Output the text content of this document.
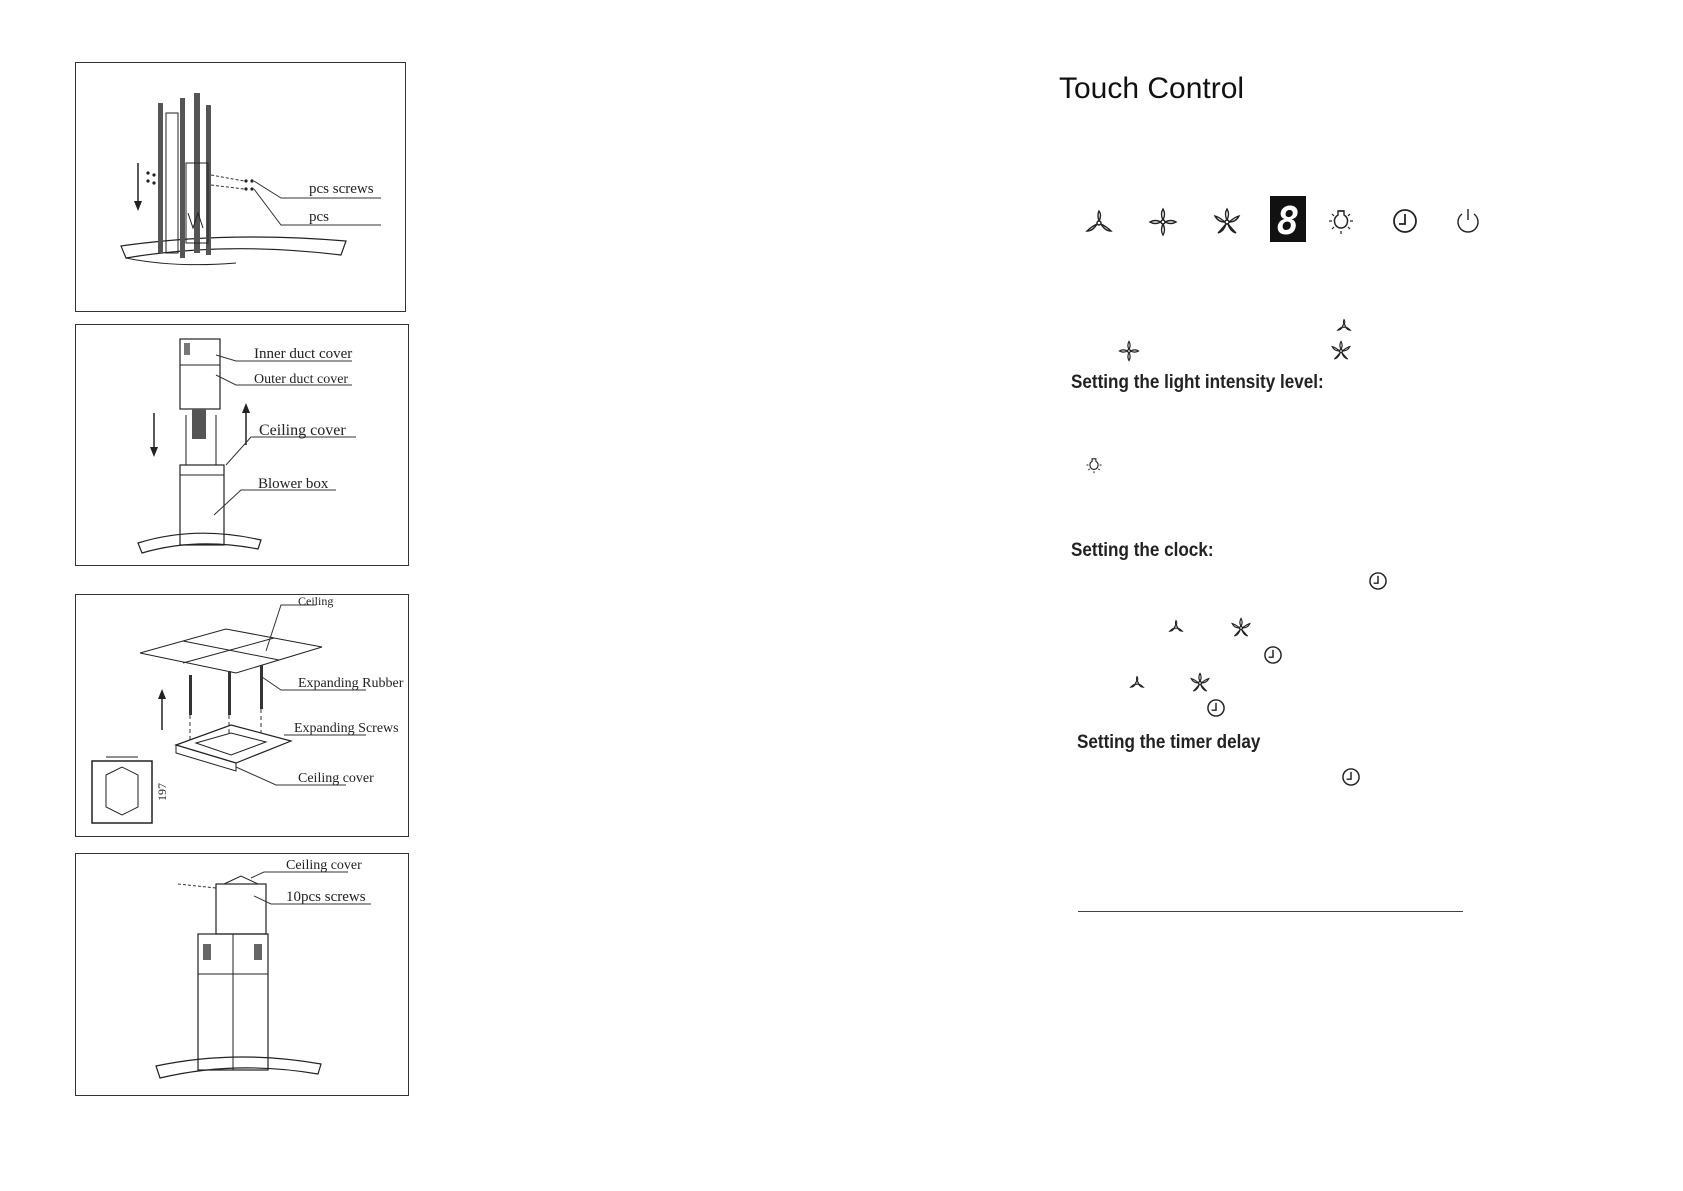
pcs screws
pcs
Inner duct cover
Outer duct cover
Ceiling cover
Blower box
197
Ceiling
Expanding Rubber
Expanding Screws
Ceiling cover
Ceiling cover
10pcs screws
Touch Control
8
Setting the light intensity level:
Setting the clock:
Setting the timer delay
